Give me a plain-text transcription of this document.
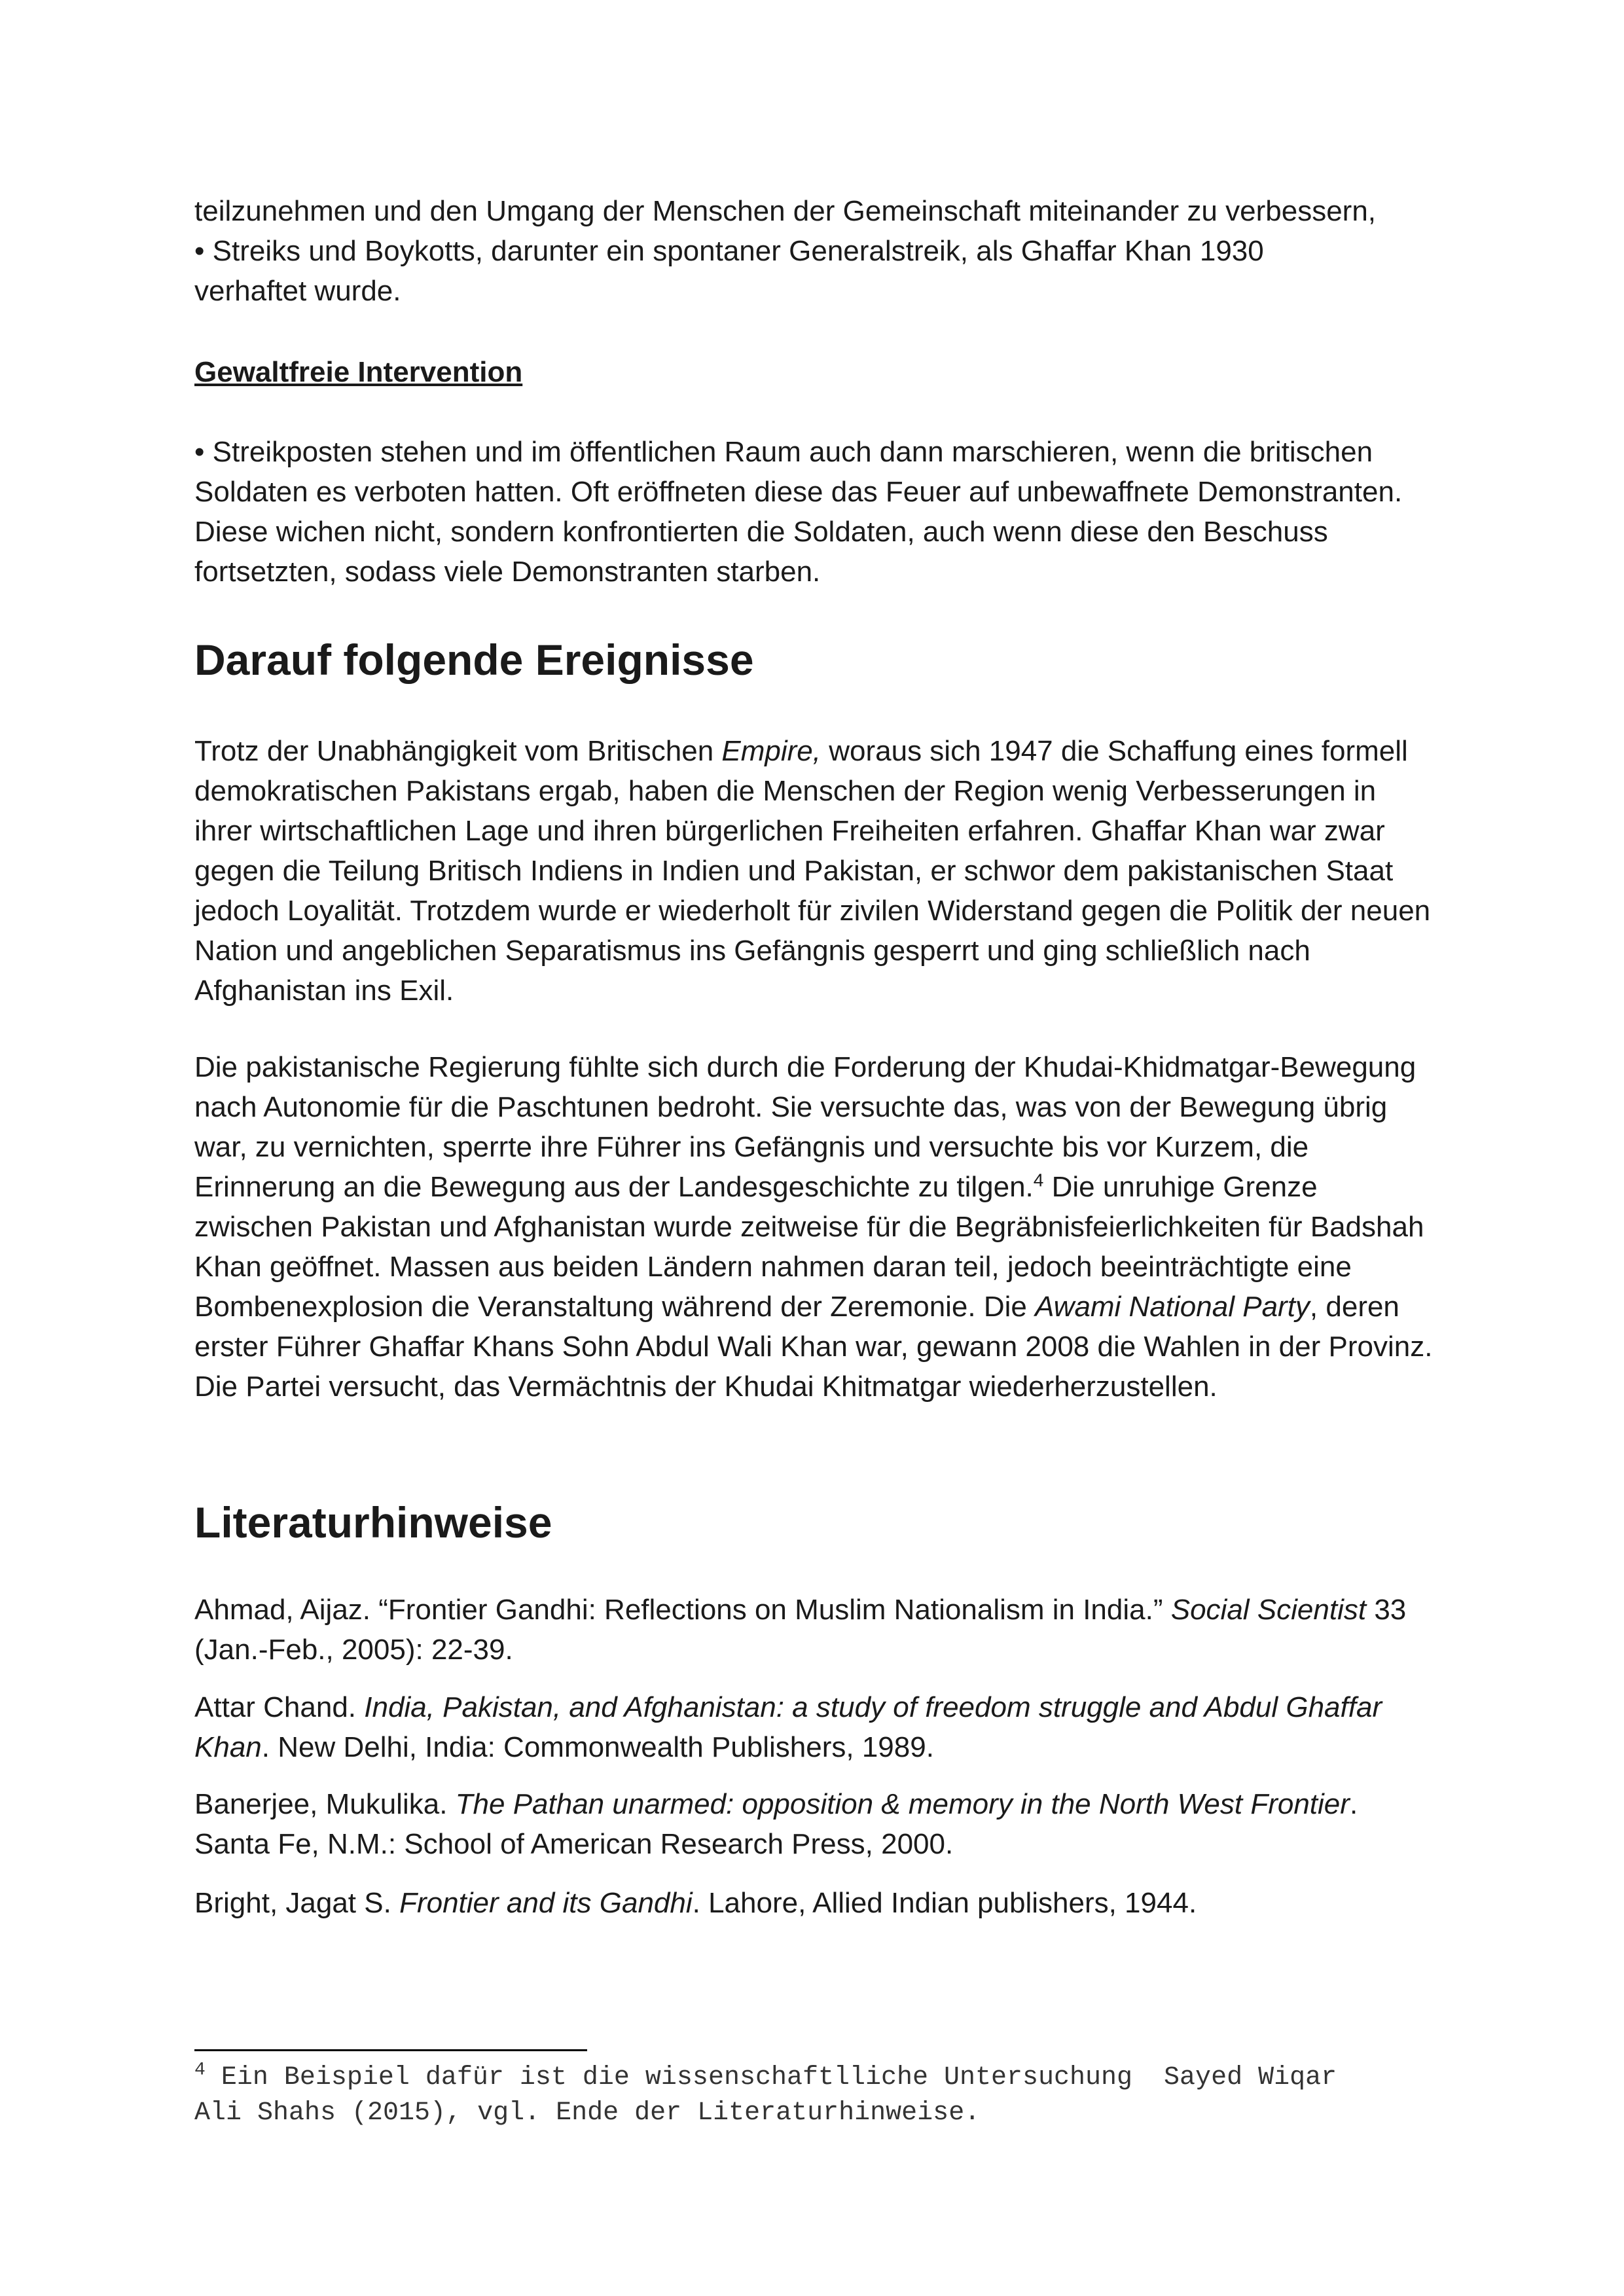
teilzunehmen und den Umgang der Menschen der Gemeinschaft miteinander zu verbessern,
• Streiks und Boykotts, darunter ein spontaner Generalstreik, als Ghaffar Khan 1930
verhaftet wurde.

Gewaltfreie Intervention

• Streikposten stehen und im öffentlichen Raum auch dann marschieren, wenn die britischen Soldaten es verboten hatten. Oft eröffneten diese das Feuer auf unbewaffnete Demonstranten. Diese wichen nicht, sondern konfrontierten die Soldaten, auch wenn diese den Beschuss fortsetzten, sodass viele Demonstranten starben.

Darauf folgende Ereignisse

Trotz der Unabhängigkeit vom Britischen Empire, woraus sich 1947 die Schaffung eines formell demokratischen Pakistans ergab, haben die Menschen der Region wenig Verbesserungen in ihrer wirtschaftlichen Lage und ihren bürgerlichen Freiheiten erfahren. Ghaffar Khan war zwar gegen die Teilung Britisch Indiens in Indien und Pakistan, er schwor dem pakistanischen Staat jedoch Loyalität. Trotzdem wurde er wiederholt für zivilen Widerstand gegen die Politik der neuen Nation und angeblichen Separatismus ins Gefängnis gesperrt und ging schließlich nach Afghanistan ins Exil.

Die pakistanische Regierung fühlte sich durch die Forderung der Khudai-Khidmatgar-Bewegung nach Autonomie für die Paschtunen bedroht. Sie versuchte das, was von der Bewegung übrig war, zu vernichten, sperrte ihre Führer ins Gefängnis und versuchte bis vor Kurzem, die Erinnerung an die Bewegung aus der Landesgeschichte zu tilgen.$^4$ Die unruhige Grenze zwischen Pakistan und Afghanistan wurde zeitweise für die Begräbnisfeierlichkeiten für Badshah Khan geöffnet. Massen aus beiden Ländern nahmen daran teil, jedoch beeinträchtigte eine Bombenexplosion die Veranstaltung während der Zeremonie. Die Awami National Party, deren erster Führer Ghaffar Khans Sohn Abdul Wali Khan war, gewann 2008 die Wahlen in der Provinz. Die Partei versucht, das Vermächtnis der Khudai Khitmatgar wiederherzustellen.

Literaturhinweise

Ahmad, Aijaz. “Frontier Gandhi: Reflections on Muslim Nationalism in India.” Social Scientist 33 (Jan.-Feb., 2005): 22-39.

Attar Chand. India, Pakistan, and Afghanistan: a study of freedom struggle and Abdul Ghaffar Khan. New Delhi, India: Commonwealth Publishers, 1989.

Banerjee, Mukulika. The Pathan unarmed: opposition & memory in the North West Frontier. Santa Fe, N.M.: School of American Research Press, 2000.

Bright, Jagat S. Frontier and its Gandhi. Lahore, Allied Indian publishers, 1944.

$^4$ Ein Beispiel dafür ist die wissenschaftlliche Untersuchung  Sayed Wiqar
Ali Shahs (2015), vgl. Ende der Literaturhinweise.
